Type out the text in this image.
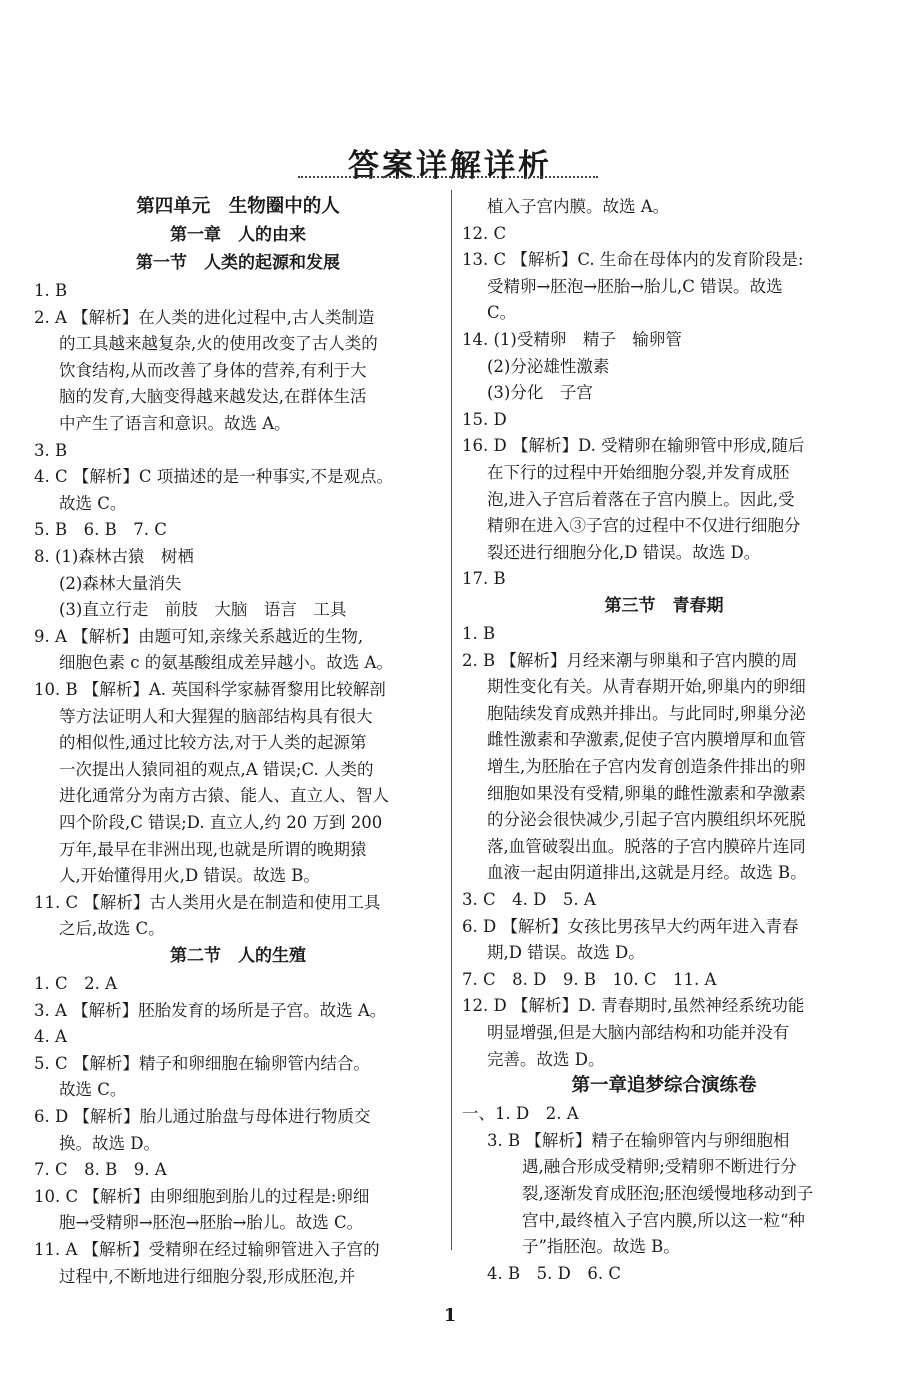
答案详解详析
第四单元　生物圈中的人
第一章　人的由来
第一节　人类的起源和发展
1. B
2. A 【解析】在人类的进化过程中,古人类制造
的工具越来越复杂,火的使用改变了古人类的
饮食结构,从而改善了身体的营养,有利于大
脑的发育,大脑变得越来越发达,在群体生活
中产生了语言和意识。故选 A。
3. B
4. C 【解析】C 项描述的是一种事实,不是观点。
故选 C。
5. B　6. B　7. C
8. (1)森林古猿　树栖
(2)森林大量消失
(3)直立行走　前肢　大脑　语言　工具
9. A 【解析】由题可知,亲缘关系越近的生物,
细胞色素 c 的氨基酸组成差异越小。故选 A。
10. B 【解析】A. 英国科学家赫胥黎用比较解剖
等方法证明人和大猩猩的脑部结构具有很大
的相似性,通过比较方法,对于人类的起源第
一次提出人猿同祖的观点,A 错误;C. 人类的
进化通常分为南方古猿、能人、直立人、智人
四个阶段,C 错误;D. 直立人,约 20 万到 200
万年,最早在非洲出现,也就是所谓的晚期猿
人,开始懂得用火,D 错误。故选 B。
11. C 【解析】古人类用火是在制造和使用工具
之后,故选 C。
第二节　人的生殖
1. C　2. A
3. A 【解析】胚胎发育的场所是子宫。故选 A。
4. A
5. C 【解析】精子和卵细胞在输卵管内结合。
故选 C。
6. D 【解析】胎儿通过胎盘与母体进行物质交
换。故选 D。
7. C　8. B　9. A
10. C 【解析】由卵细胞到胎儿的过程是:卵细
胞→受精卵→胚泡→胚胎→胎儿。故选 C。
11. A 【解析】受精卵在经过输卵管进入子宫的
过程中,不断地进行细胞分裂,形成胚泡,并
植入子宫内膜。故选 A。
12. C
13. C 【解析】C. 生命在母体内的发育阶段是:
受精卵→胚泡→胚胎→胎儿,C 错误。故选
C。
14. (1)受精卵　精子　输卵管
(2)分泌雄性激素
(3)分化　子宫
15. D
16. D 【解析】D. 受精卵在输卵管中形成,随后
在下行的过程中开始细胞分裂,并发育成胚
泡,进入子宫后着落在子宫内膜上。因此,受
精卵在进入③子宫的过程中不仅进行细胞分
裂还进行细胞分化,D 错误。故选 D。
17. B
第三节　青春期
1. B
2. B 【解析】月经来潮与卵巢和子宫内膜的周
期性变化有关。从青春期开始,卵巢内的卵细
胞陆续发育成熟并排出。与此同时,卵巢分泌
雌性激素和孕激素,促使子宫内膜增厚和血管
增生,为胚胎在子宫内发育创造条件排出的卵
细胞如果没有受精,卵巢的雌性激素和孕激素
的分泌会很快减少,引起子宫内膜组织坏死脱
落,血管破裂出血。脱落的子宫内膜碎片连同
血液一起由阴道排出,这就是月经。故选 B。
3. C　4. D　5. A
6. D 【解析】女孩比男孩早大约两年进入青春
期,D 错误。故选 D。
7. C　8. D　9. B　10. C　11. A
12. D 【解析】D. 青春期时,虽然神经系统功能
明显增强,但是大脑内部结构和功能并没有
完善。故选 D。
第一章追梦综合演练卷
一、1. D　2. A
3. B 【解析】精子在输卵管内与卵细胞相
遇,融合形成受精卵;受精卵不断进行分
裂,逐渐发育成胚泡;胚泡缓慢地移动到子
宫中,最终植入子宫内膜,所以这一粒“种
子”指胚泡。故选 B。
4. B　5. D　6. C
1
